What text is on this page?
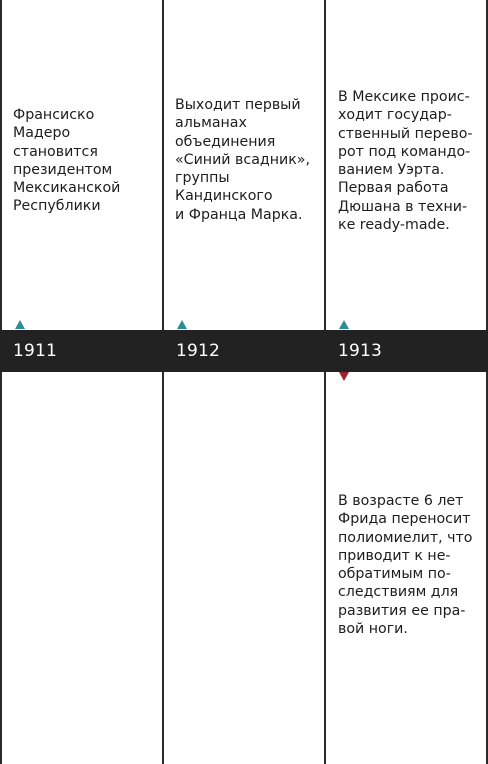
Франсиско
Мадеро
становится
президентом
Мексиканской
Республики

Выходит первый
альманах
объединения
«Синий всадник»,
группы
Кандинского
и Франца Марка.

В Мексике проис-
ходит государ-
ственный перево-
рот под командо-
ванием Уэрта.
Первая работа
Дюшана в техни-
ке ready-made.

1911	1912	1913

В возрасте 6 лет
Фрида переносит
полиомиелит, что
приводит к не-
обратимым по-
следствиям для
развития ее пра-
вой ноги.
